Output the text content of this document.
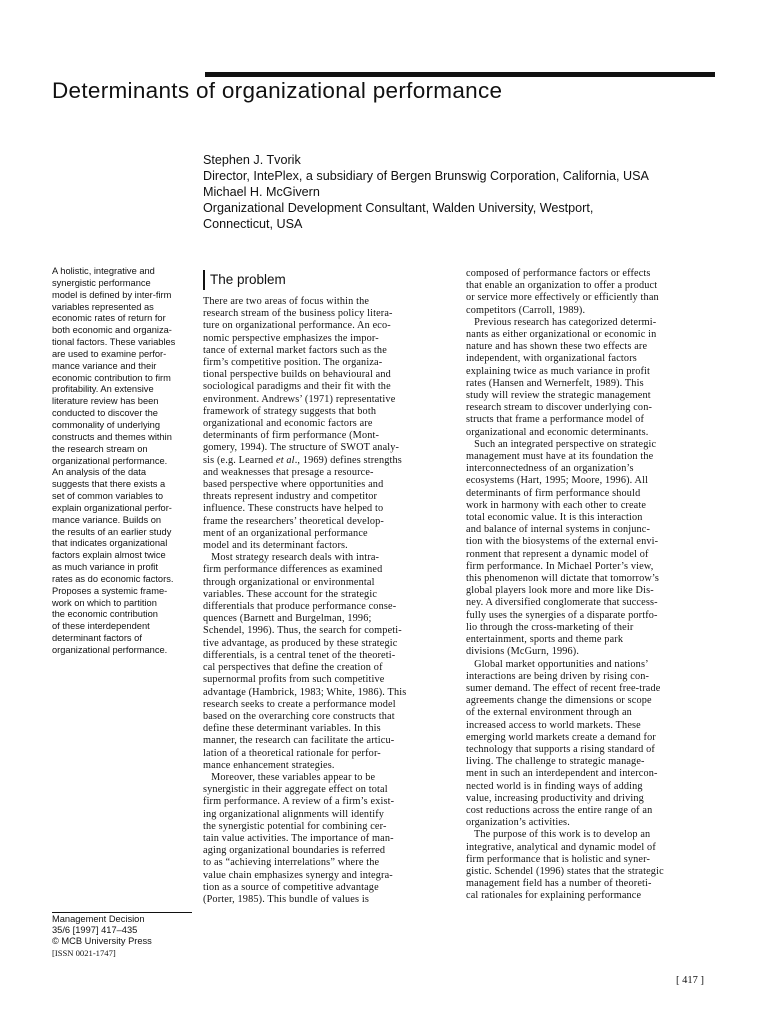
Determinants of organizational performance
Stephen J. Tvorik
Director, IntePlex, a subsidiary of Bergen Brunswig Corporation, California, USA
Michael H. McGivern
Organizational Development Consultant, Walden University, Westport,
Connecticut, USA
A holistic, integrative and
synergistic performance
model is defined by inter-firm
variables represented as
economic rates of return for
both economic and organiza-
tional factors. These variables
are used to examine perfor-
mance variance and their
economic contribution to firm
profitability. An extensive
literature review has been
conducted to discover the
commonality of underlying
constructs and themes within
the research stream on
organizational performance.
An analysis of the data
suggests that there exists a
set of common variables to
explain organizational perfor-
mance variance. Builds on
the results of an earlier study
that indicates organizational
factors explain almost twice
as much variance in profit
rates as do economic factors.
Proposes a systemic frame-
work on which to partition
the economic contribution
of these interdependent
determinant factors of
organizational performance.
The problem
There are two areas of focus within the
research stream of the business policy litera-
ture on organizational performance. An eco-
nomic perspective emphasizes the impor-
tance of external market factors such as the
firm’s competitive position. The organiza-
tional perspective builds on behavioural and
sociological paradigms and their fit with the
environment. Andrews’ (1971) representative
framework of strategy suggests that both
organizational and economic factors are
determinants of firm performance (Mont-
gomery, 1994). The structure of SWOT analy-
sis (e.g. Learned et al., 1969) defines strengths
and weaknesses that presage a resource-
based perspective where opportunities and
threats represent industry and competitor
influence. These constructs have helped to
frame the researchers’ theoretical develop-
ment of an organizational performance
model and its determinant factors.
Most strategy research deals with intra-
firm performance differences as examined
through organizational or environmental
variables. These account for the strategic
differentials that produce performance conse-
quences (Barnett and Burgelman, 1996;
Schendel, 1996). Thus, the search for competi-
tive advantage, as produced by these strategic
differentials, is a central tenet of the theoreti-
cal perspectives that define the creation of
supernormal profits from such competitive
advantage (Hambrick, 1983; White, 1986). This
research seeks to create a performance model
based on the overarching core constructs that
define these determinant variables. In this
manner, the research can facilitate the articu-
lation of a theoretical rationale for perfor-
mance enhancement strategies.
Moreover, these variables appear to be
synergistic in their aggregate effect on total
firm performance. A review of a firm’s exist-
ing organizational alignments will identify
the synergistic potential for combining cer-
tain value activities. The importance of man-
aging organizational boundaries is referred
to as “achieving interrelations” where the
value chain emphasizes synergy and integra-
tion as a source of competitive advantage
(Porter, 1985). This bundle of values is
composed of performance factors or effects
that enable an organization to offer a product
or service more effectively or efficiently than
competitors (Carroll, 1989).
Previous research has categorized determi-
nants as either organizational or economic in
nature and has shown these two effects are
independent, with organizational factors
explaining twice as much variance in profit
rates (Hansen and Wernerfelt, 1989). This
study will review the strategic management
research stream to discover underlying con-
structs that frame a performance model of
organizational and economic determinants.
Such an integrated perspective on strategic
management must have at its foundation the
interconnectedness of an organization’s
ecosystems (Hart, 1995; Moore, 1996). All
determinants of firm performance should
work in harmony with each other to create
total economic value. It is this interaction
and balance of internal systems in conjunc-
tion with the biosystems of the external envi-
ronment that represent a dynamic model of
firm performance. In Michael Porter’s view,
this phenomenon will dictate that tomorrow’s
global players look more and more like Dis-
ney. A diversified conglomerate that success-
fully uses the synergies of a disparate portfo-
lio through the cross-marketing of their
entertainment, sports and theme park
divisions (McGurn, 1996).
Global market opportunities and nations’
interactions are being driven by rising con-
sumer demand. The effect of recent free-trade
agreements change the dimensions or scope
of the external environment through an
increased access to world markets. These
emerging world markets create a demand for
technology that supports a rising standard of
living. The challenge to strategic manage-
ment in such an interdependent and intercon-
nected world is in finding ways of adding
value, increasing productivity and driving
cost reductions across the entire range of an
organization’s activities.
The purpose of this work is to develop an
integrative, analytical and dynamic model of
firm performance that is holistic and syner-
gistic. Schendel (1996) states that the strategic
management field has a number of theoreti-
cal rationales for explaining performance
Management Decision
35/6 [1997] 417–435
© MCB University Press
[ISSN 0021-1747]
[ 417 ]
